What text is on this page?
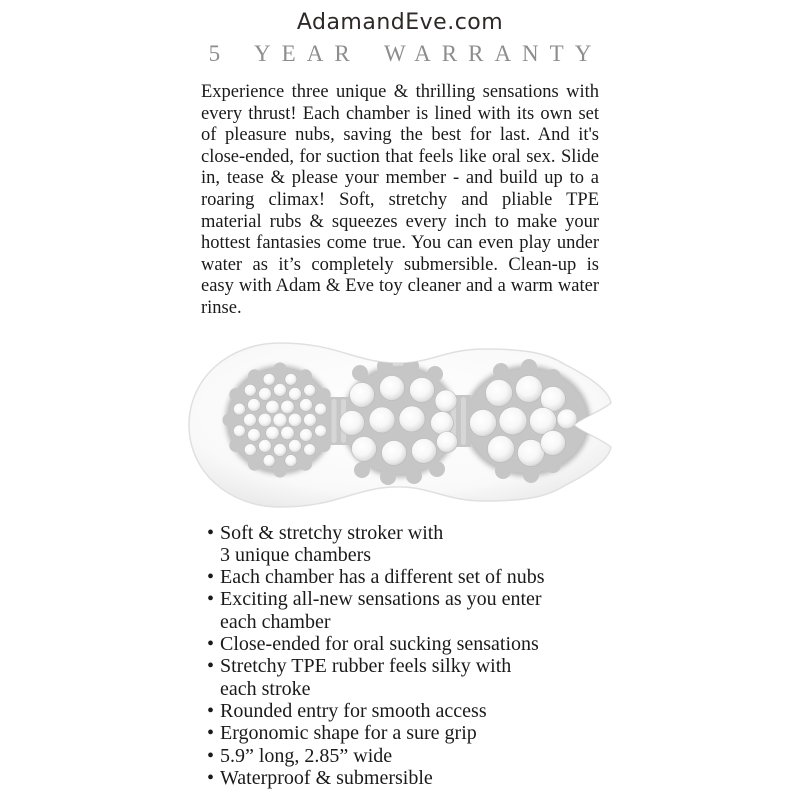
AdamandEve.com
5 YEAR WARRANTY
Experience three unique & thrilling sensations with every thrust! Each chamber is lined with its own set of pleasure nubs, saving the best for last. And it's close-ended, for suction that feels like oral sex. Slide in, tease & please your member - and build up to a roaring climax! Soft, stretchy and pliable TPE material rubs & squeezes every inch to make your hottest fantasies come true. You can even play under water as it’s completely submersible. Clean-up is easy with Adam & Eve toy cleaner and a warm water rinse.
• Soft & stretchy stroker with
3 unique chambers
• Each chamber has a different set of nubs
• Exciting all-new sensations as you enter
each chamber
• Close-ended for oral sucking sensations
• Stretchy TPE rubber feels silky with
each stroke
• Rounded entry for smooth access
• Ergonomic shape for a sure grip
• 5.9” long, 2.85” wide
• Waterproof & submersible
